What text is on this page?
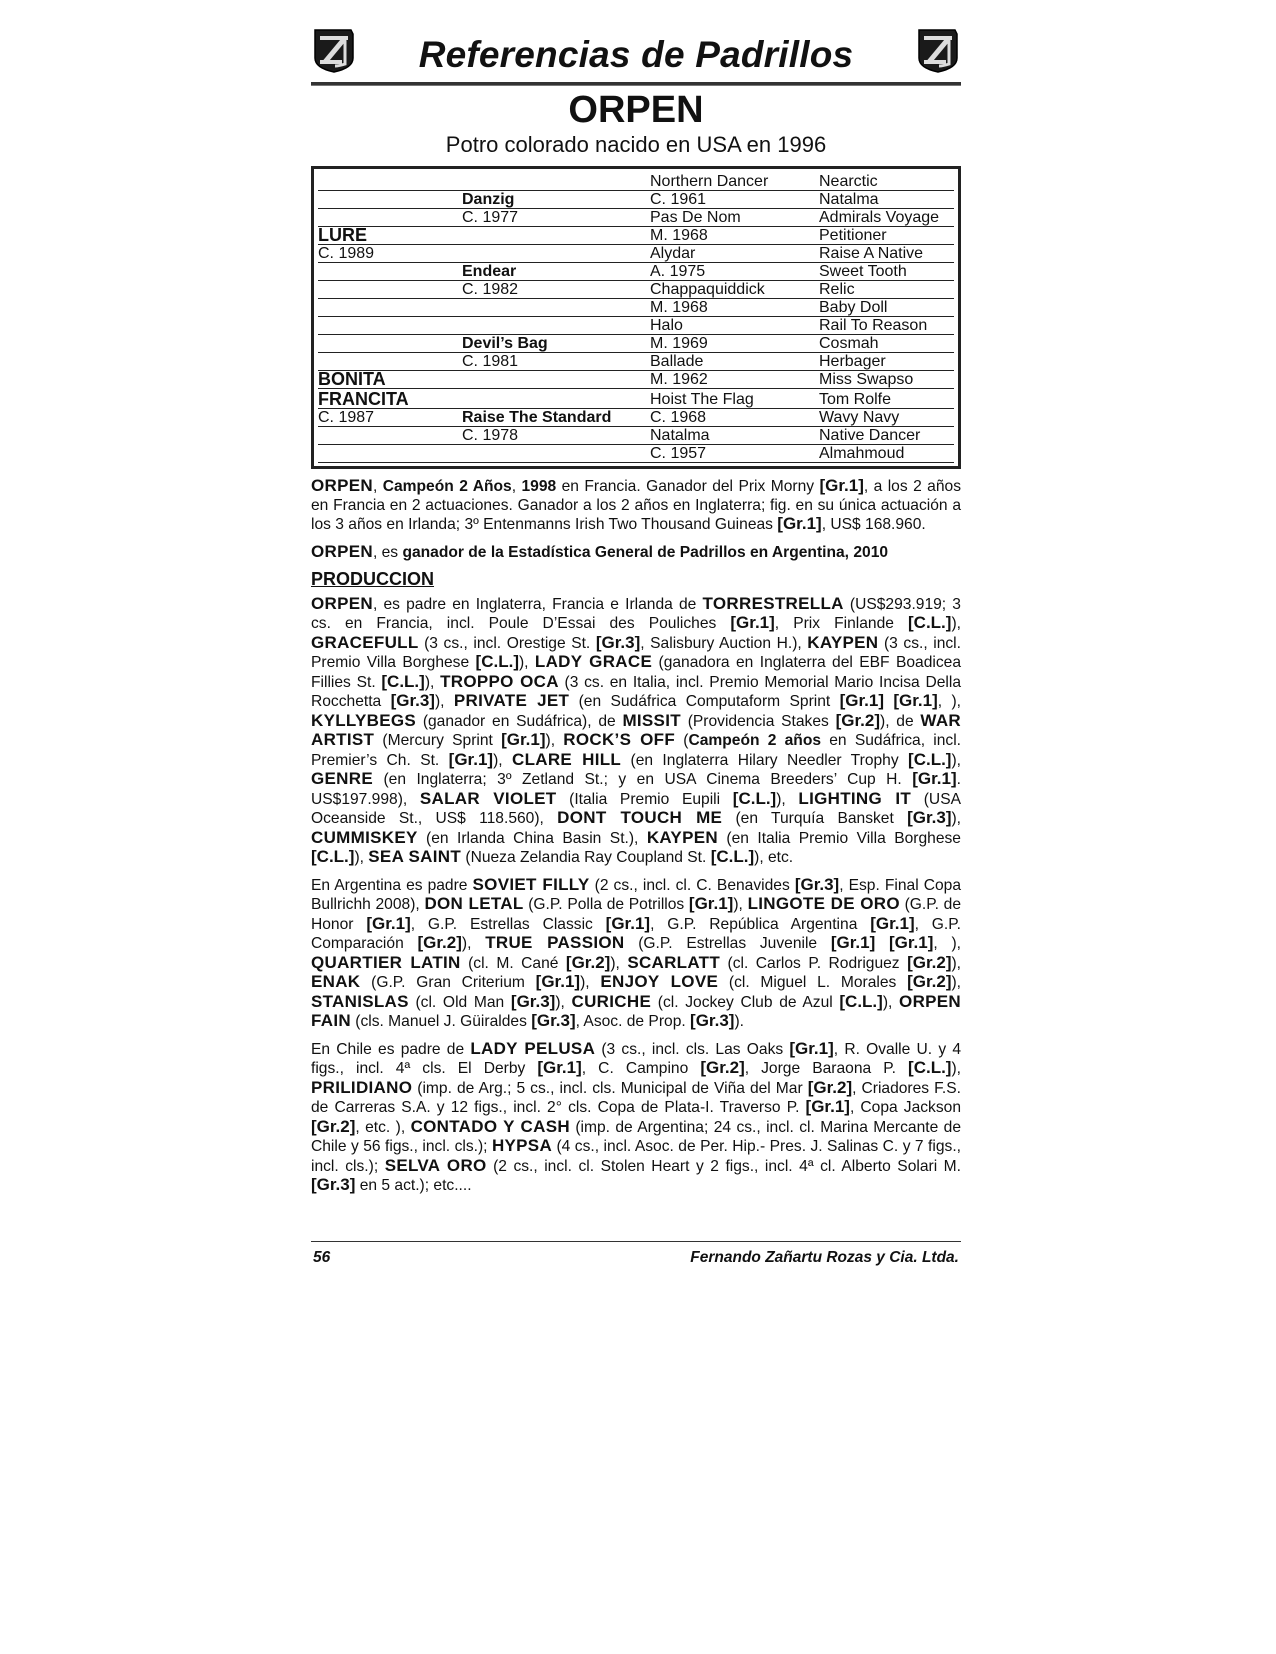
Referencias de Padrillos
ORPEN
Potro colorado nacido en USA en 1996
		Northern Dancer	Nearctic
	Danzig	C. 1961	Natalma
	C. 1977	Pas De Nom	Admirals Voyage
LURE		M. 1968	Petitioner
C. 1989		Alydar	Raise A Native
	Endear	A. 1975	Sweet Tooth
	C. 1982	Chappaquiddick	Relic
		M. 1968	Baby Doll
		Halo	Rail To Reason
	Devil’s Bag	M. 1969	Cosmah
	C. 1981	Ballade	Herbager
BONITA		M. 1962	Miss Swapso
FRANCITA		Hoist The Flag	Tom Rolfe
C. 1987	Raise The Standard	C. 1968	Wavy Navy
	C. 1978	Natalma	Native Dancer
		C. 1957	Almahmoud

ORPEN, Campeón 2 Años, 1998 en Francia. Ganador del Prix Morny [Gr.1], a los 2 años en Francia en 2 actuaciones. Ganador a los 2 años en Inglaterra; fig. en su única actuación a los 3 años en Irlanda; 3º Entenmanns Irish Two Thousand Guineas [Gr.1], US$ 168.960.

ORPEN, es ganador de la Estadística General de Padrillos en Argentina, 2010

PRODUCCION

ORPEN, es padre en Inglaterra, Francia e Irlanda de TORRESTRELLA (US$293.919; 3 cs. en Francia, incl. Poule D’Essai des Pouliches [Gr.1], Prix Finlande [C.L.]), GRACEFULL (3 cs., incl. Orestige St. [Gr.3], Salisbury Auction H.), KAYPEN (3 cs., incl. Premio Villa Borghese [C.L.]), LADY GRACE (ganadora en Inglaterra del EBF Boadicea Fillies St. [C.L.]), TROPPO OCA (3 cs. en Italia, incl. Premio Memorial Mario Incisa Della Rocchetta [Gr.3]), PRIVATE JET (en Sudáfrica Computaform Sprint [Gr.1] [Gr.1], ), KYLLYBEGS (ganador en Sudáfrica), de MISSIT (Providencia Stakes [Gr.2]), de WAR ARTIST (Mercury Sprint [Gr.1]), ROCK’S OFF (Campeón 2 años en Sudáfrica, incl. Premier’s Ch. St. [Gr.1]), CLARE HILL (en Inglaterra Hilary Needler Trophy [C.L.]), GENRE (en Inglaterra; 3º Zetland St.; y en USA Cinema Breeders’ Cup H. [Gr.1]. US$197.998), SALAR VIOLET (Italia Premio Eupili [C.L.]), LIGHTING IT (USA Oceanside St., US$ 118.560), DONT TOUCH ME (en Turquía Bansket [Gr.3]), CUMMISKEY (en Irlanda China Basin St.), KAYPEN (en Italia Premio Villa Borghese [C.L.]), SEA SAINT (Nueza Zelandia Ray Coupland St. [C.L.]), etc.

En Argentina es padre SOVIET FILLY (2 cs., incl. cl. C. Benavides [Gr.3], Esp. Final Copa Bullrichh 2008), DON LETAL (G.P. Polla de Potrillos [Gr.1]), LINGOTE DE ORO (G.P. de Honor [Gr.1], G.P. Estrellas Classic [Gr.1], G.P. República Argentina [Gr.1], G.P. Comparación [Gr.2]), TRUE PASSION (G.P. Estrellas Juvenile [Gr.1] [Gr.1], ), QUARTIER LATIN (cl. M. Cané [Gr.2]), SCARLATT (cl. Carlos P. Rodriguez [Gr.2]), ENAK (G.P. Gran Criterium [Gr.1]), ENJOY LOVE (cl. Miguel L. Morales [Gr.2]), STANISLAS (cl. Old Man [Gr.3]), CURICHE (cl. Jockey Club de Azul [C.L.]), ORPEN FAIN (cls. Manuel J. Güiraldes [Gr.3], Asoc. de Prop. [Gr.3]).

En Chile es padre de LADY PELUSA (3 cs., incl. cls. Las Oaks [Gr.1], R. Ovalle U. y 4 figs., incl. 4ª cls. El Derby [Gr.1], C. Campino [Gr.2], Jorge Baraona P. [C.L.]), PRILIDIANO (imp. de Arg.; 5 cs., incl. cls. Municipal de Viña del Mar [Gr.2], Criadores F.S. de Carreras S.A. y 12 figs., incl. 2° cls. Copa de Plata-I. Traverso P. [Gr.1], Copa Jackson [Gr.2], etc. ), CONTADO Y CASH (imp. de Argentina; 24 cs., incl. cl. Marina Mercante de Chile y 56 figs., incl. cls.); HYPSA (4 cs., incl. Asoc. de Per. Hip.- Pres. J. Salinas C. y 7 figs., incl. cls.); SELVA ORO (2 cs., incl. cl. Stolen Heart y 2 figs., incl. 4ª cl. Alberto Solari M. [Gr.3] en 5 act.); etc....

56	Fernando Zañartu Rozas y Cia. Ltda.
